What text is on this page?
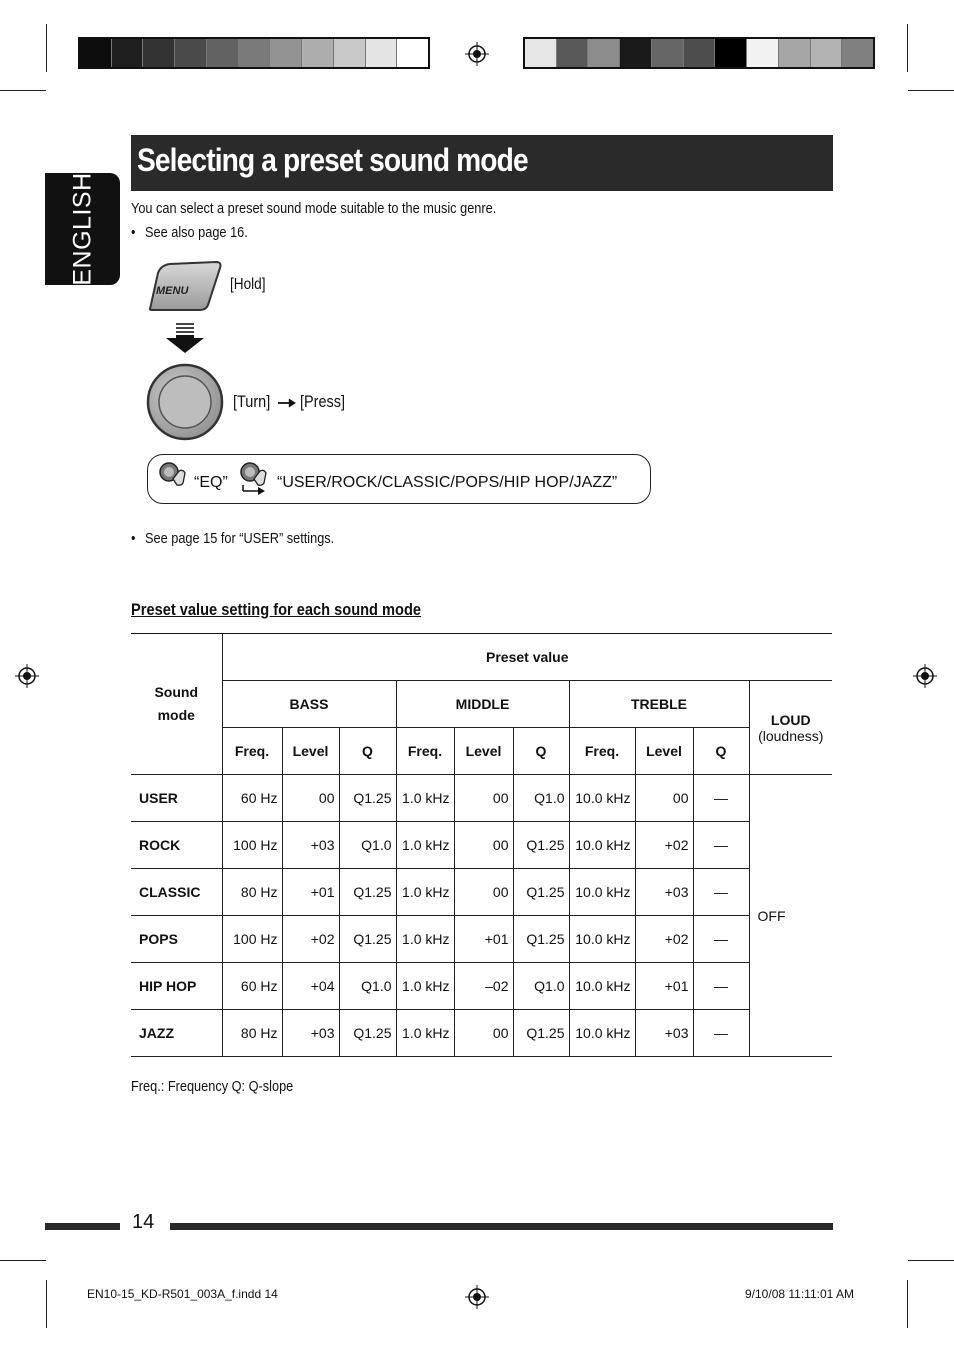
ENGLISH
Selecting a preset sound mode
You can select a preset sound mode suitable to the music genre.
• See also page 16.
MENU	[Hold]
[Turn] [Press]
“EQ”	“USER/ROCK/CLASSIC/POPS/HIP HOP/JAZZ”
• See page 15 for “USER” settings.
Preset value setting for each sound mode
Sound mode	Preset value									
	BASS			MIDDLE			TREBLE			LOUD
(loudness)

	Freq.	Level	Q	Freq.	Level	Q	Freq.	Level	Q	
USER	60 Hz	00	Q1.25	1.0 kHz	00	Q1.0	10.0 kHz	00	—	OFF
ROCK	100 Hz	+03	Q1.0	1.0 kHz	00	Q1.25	10.0 kHz	+02	—	
CLASSIC	80 Hz	+01	Q1.25	1.0 kHz	00	Q1.25	10.0 kHz	+03	—	
POPS	100 Hz	+02	Q1.25	1.0 kHz	+01	Q1.25	10.0 kHz	+02	—	
HIP HOP	60 Hz	+04	Q1.0	1.0 kHz	–02	Q1.0	10.0 kHz	+01	—	
JAZZ	80 Hz	+03	Q1.25	1.0 kHz	00	Q1.25	10.0 kHz	+03	—	
Freq.: Frequency Q: Q-slope
14
EN10-15_KD-R501_003A_f.indd 14	9/10/08 11:11:01 AM
